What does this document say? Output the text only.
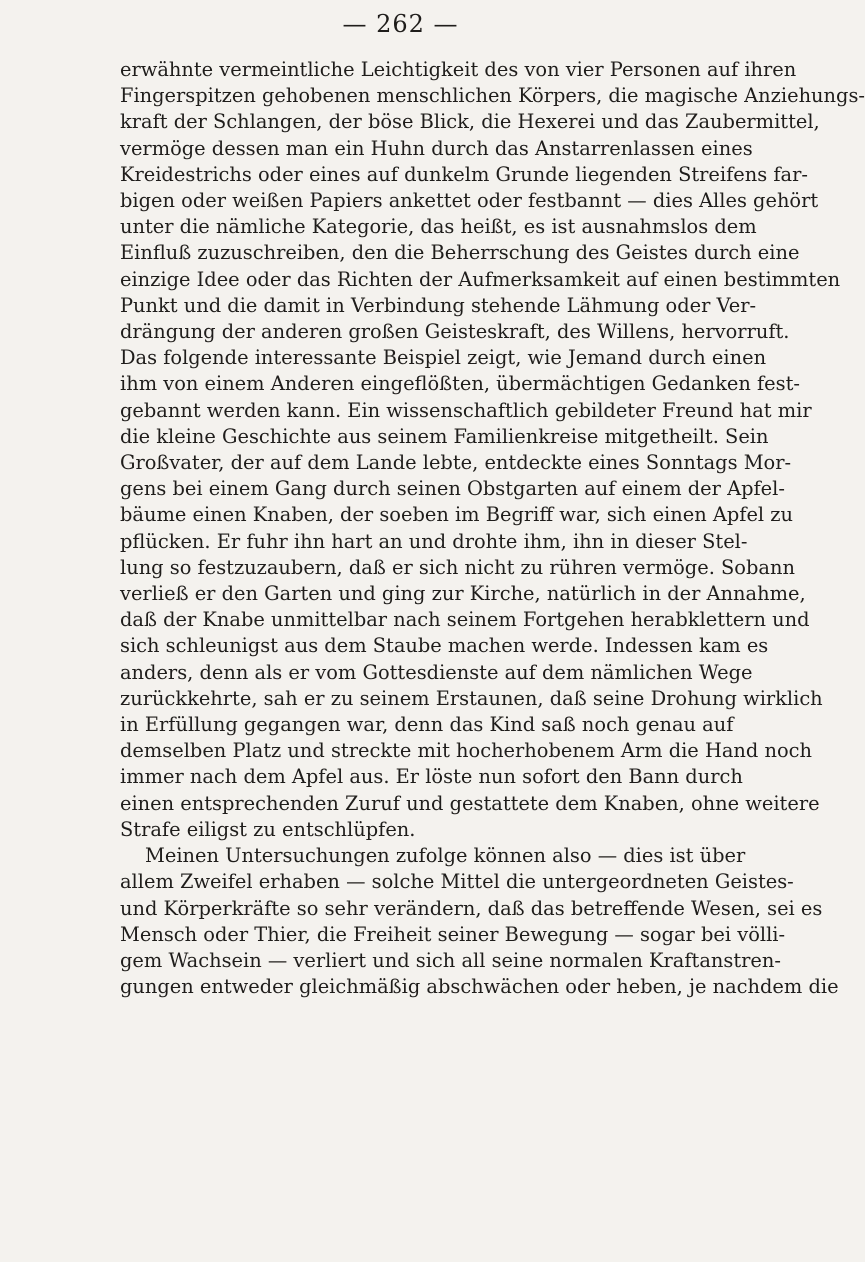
— 262 —
erwähnte vermeintliche Leichtigkeit des von vier Personen auf ihren
Fingerspitzen gehobenen menschlichen Körpers, die magische Anziehungs-
kraft der Schlangen, der böse Blick, die Hexerei und das Zaubermittel,
vermöge dessen man ein Huhn durch das Anstarrenlassen eines
Kreidestrichs oder eines auf dunkelm Grunde liegenden Streifens far-
bigen oder weißen Papiers ankettet oder festbannt — dies Alles gehört
unter die nämliche Kategorie, das heißt, es ist ausnahmslos dem
Einfluß zuzuschreiben, den die Beherrschung des Geistes durch eine
einzige Idee oder das Richten der Aufmerksamkeit auf einen bestimmten
Punkt und die damit in Verbindung stehende Lähmung oder Ver-
drängung der anderen großen Geisteskraft, des Willens, hervorruft.
Das folgende interessante Beispiel zeigt, wie Jemand durch einen
ihm von einem Anderen eingeflößten, übermächtigen Gedanken fest-
gebannt werden kann. Ein wissenschaftlich gebildeter Freund hat mir
die kleine Geschichte aus seinem Familienkreise mitgetheilt. Sein
Großvater, der auf dem Lande lebte, entdeckte eines Sonntags Mor-
gens bei einem Gang durch seinen Obstgarten auf einem der Apfel-
bäume einen Knaben, der soeben im Begriff war, sich einen Apfel zu
pflücken. Er fuhr ihn hart an und drohte ihm, ihn in dieser Stel-
lung so festzuzaubern, daß er sich nicht zu rühren vermöge. Sobann
verließ er den Garten und ging zur Kirche, natürlich in der Annahme,
daß der Knabe unmittelbar nach seinem Fortgehen herabklettern und
sich schleunigst aus dem Staube machen werde. Indessen kam es
anders, denn als er vom Gottesdienste auf dem nämlichen Wege
zurückkehrte, sah er zu seinem Erstaunen, daß seine Drohung wirklich
in Erfüllung gegangen war, denn das Kind saß noch genau auf
demselben Platz und streckte mit hocherhobenem Arm die Hand noch
immer nach dem Apfel aus. Er löste nun sofort den Bann durch
einen entsprechenden Zuruf und gestattete dem Knaben, ohne weitere
Strafe eiligst zu entschlüpfen.
Meinen Untersuchungen zufolge können also — dies ist über
allem Zweifel erhaben — solche Mittel die untergeordneten Geistes-
und Körperkräfte so sehr verändern, daß das betreffende Wesen, sei es
Mensch oder Thier, die Freiheit seiner Bewegung — sogar bei völli-
gem Wachsein — verliert und sich all seine normalen Kraftanstren-
gungen entweder gleichmäßig abschwächen oder heben, je nachdem die
